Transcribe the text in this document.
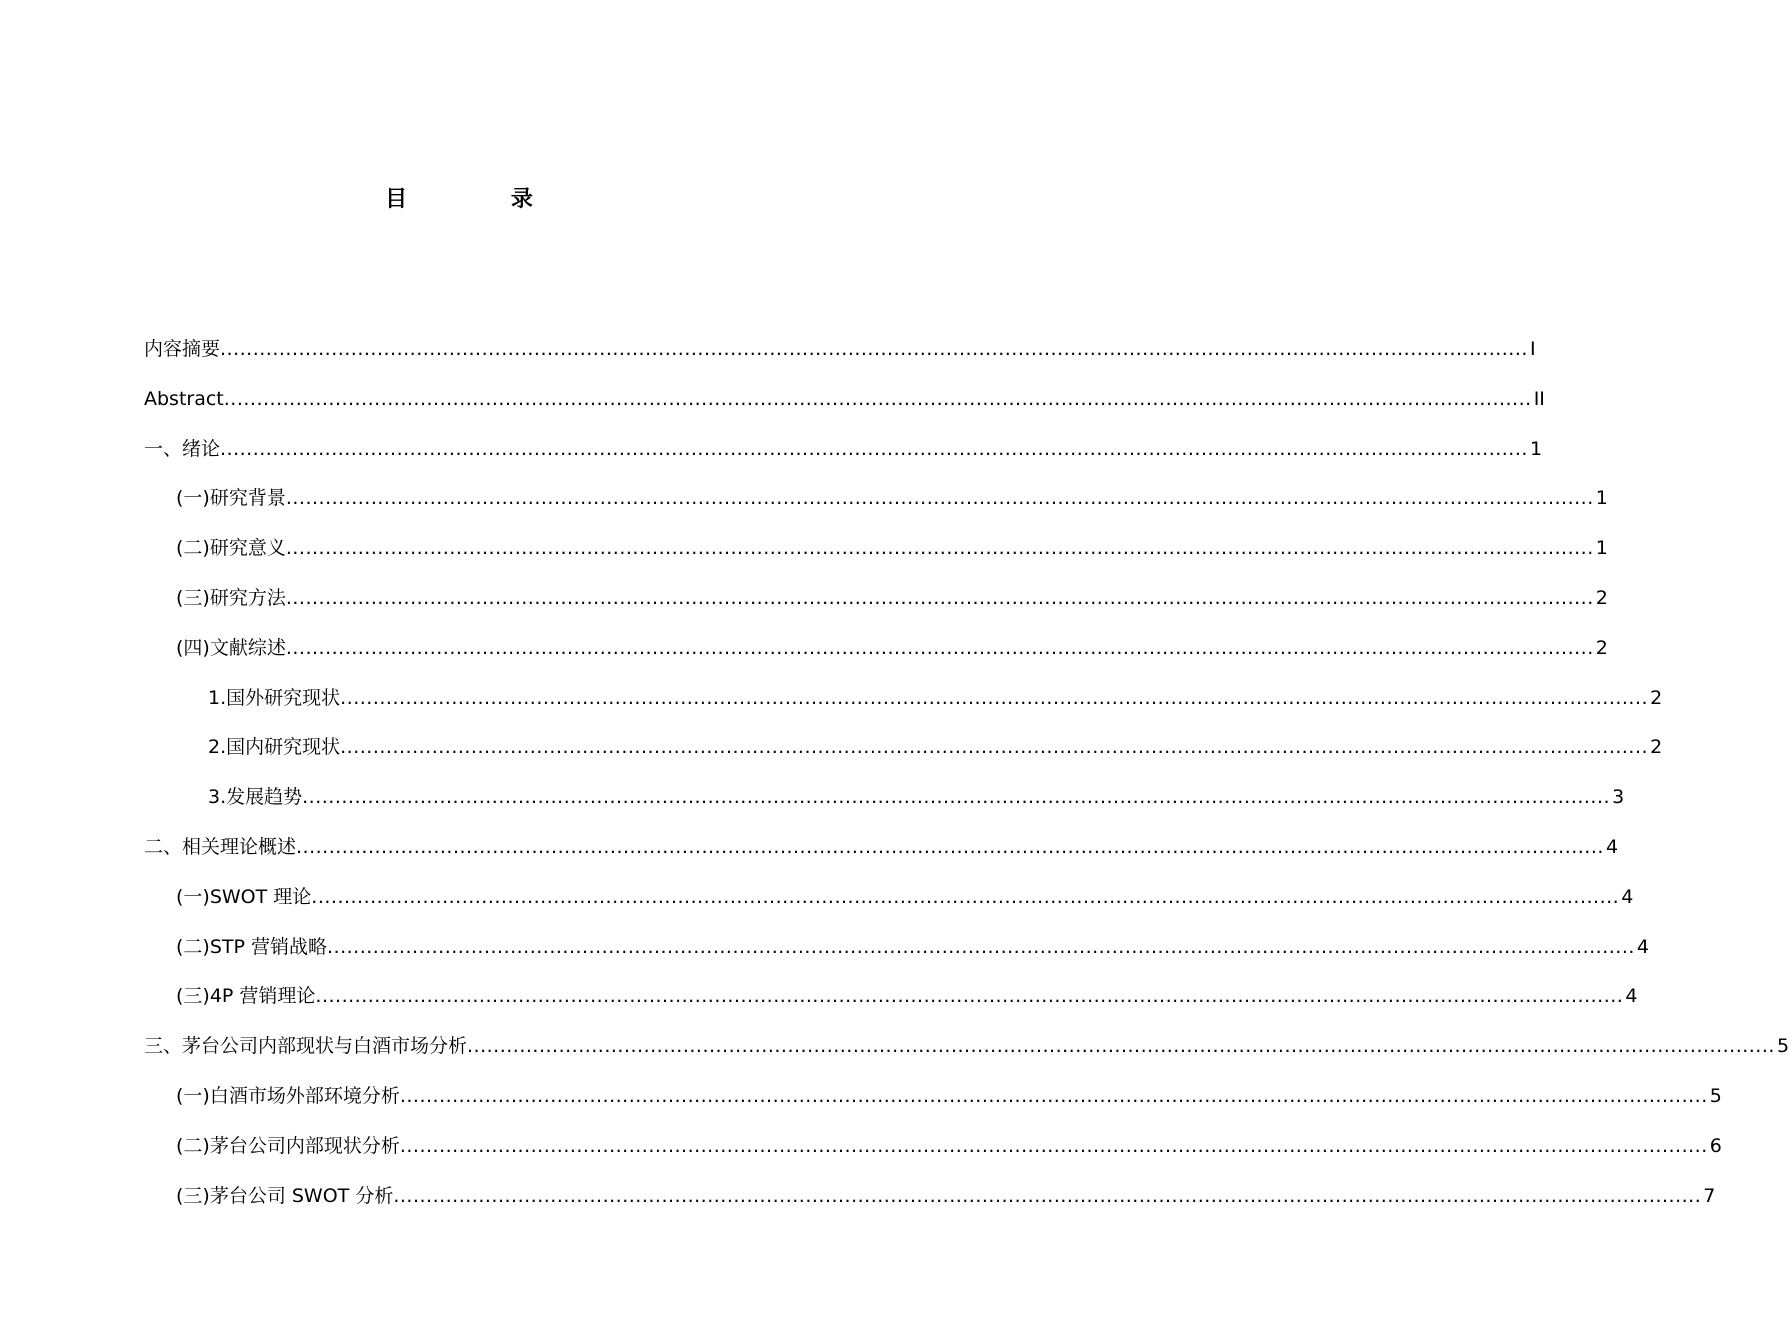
目 录
内容摘要 ........................................................................................................................................................................................................ I
Abstract ........................................................................................................................................................................................................ II
一、绪论 ........................................................................................................................................................................................................ 1
(一)研究背景 ........................................................................................................................................................................................................ 1
(二)研究意义 ........................................................................................................................................................................................................ 1
(三)研究方法 ........................................................................................................................................................................................................ 2
(四)文献综述 ........................................................................................................................................................................................................ 2
1.国外研究现状 ........................................................................................................................................................................................................ 2
2.国内研究现状 ........................................................................................................................................................................................................ 2
3.发展趋势 ........................................................................................................................................................................................................ 3
二、相关理论概述 ........................................................................................................................................................................................................ 4
(一)SWOT 理论 ........................................................................................................................................................................................................ 4
(二)STP 营销战略 ........................................................................................................................................................................................................ 4
(三)4P 营销理论 ........................................................................................................................................................................................................ 4
三、茅台公司内部现状与白酒市场分析 ........................................................................................................................................................................................................ 5
(一)白酒市场外部环境分析 ........................................................................................................................................................................................................ 5
(二)茅台公司内部现状分析 ........................................................................................................................................................................................................ 6
(三)茅台公司 SWOT 分析 ........................................................................................................................................................................................................ 7
